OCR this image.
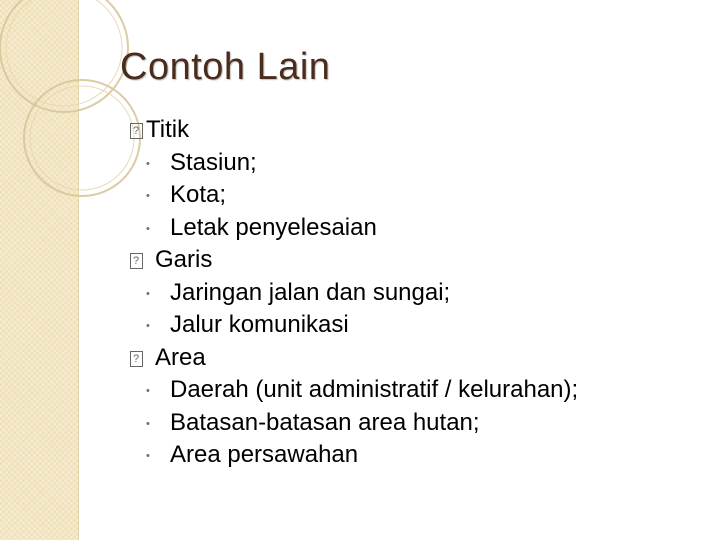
Contoh Lain
?Titik
• Stasiun;
• Kota;
• Letak penyelesaian
?Garis
• Jaringan jalan dan sungai;
• Jalur komunikasi
?Area
• Daerah (unit administratif / kelurahan);
• Batasan-batasan area hutan;
• Area persawahan
